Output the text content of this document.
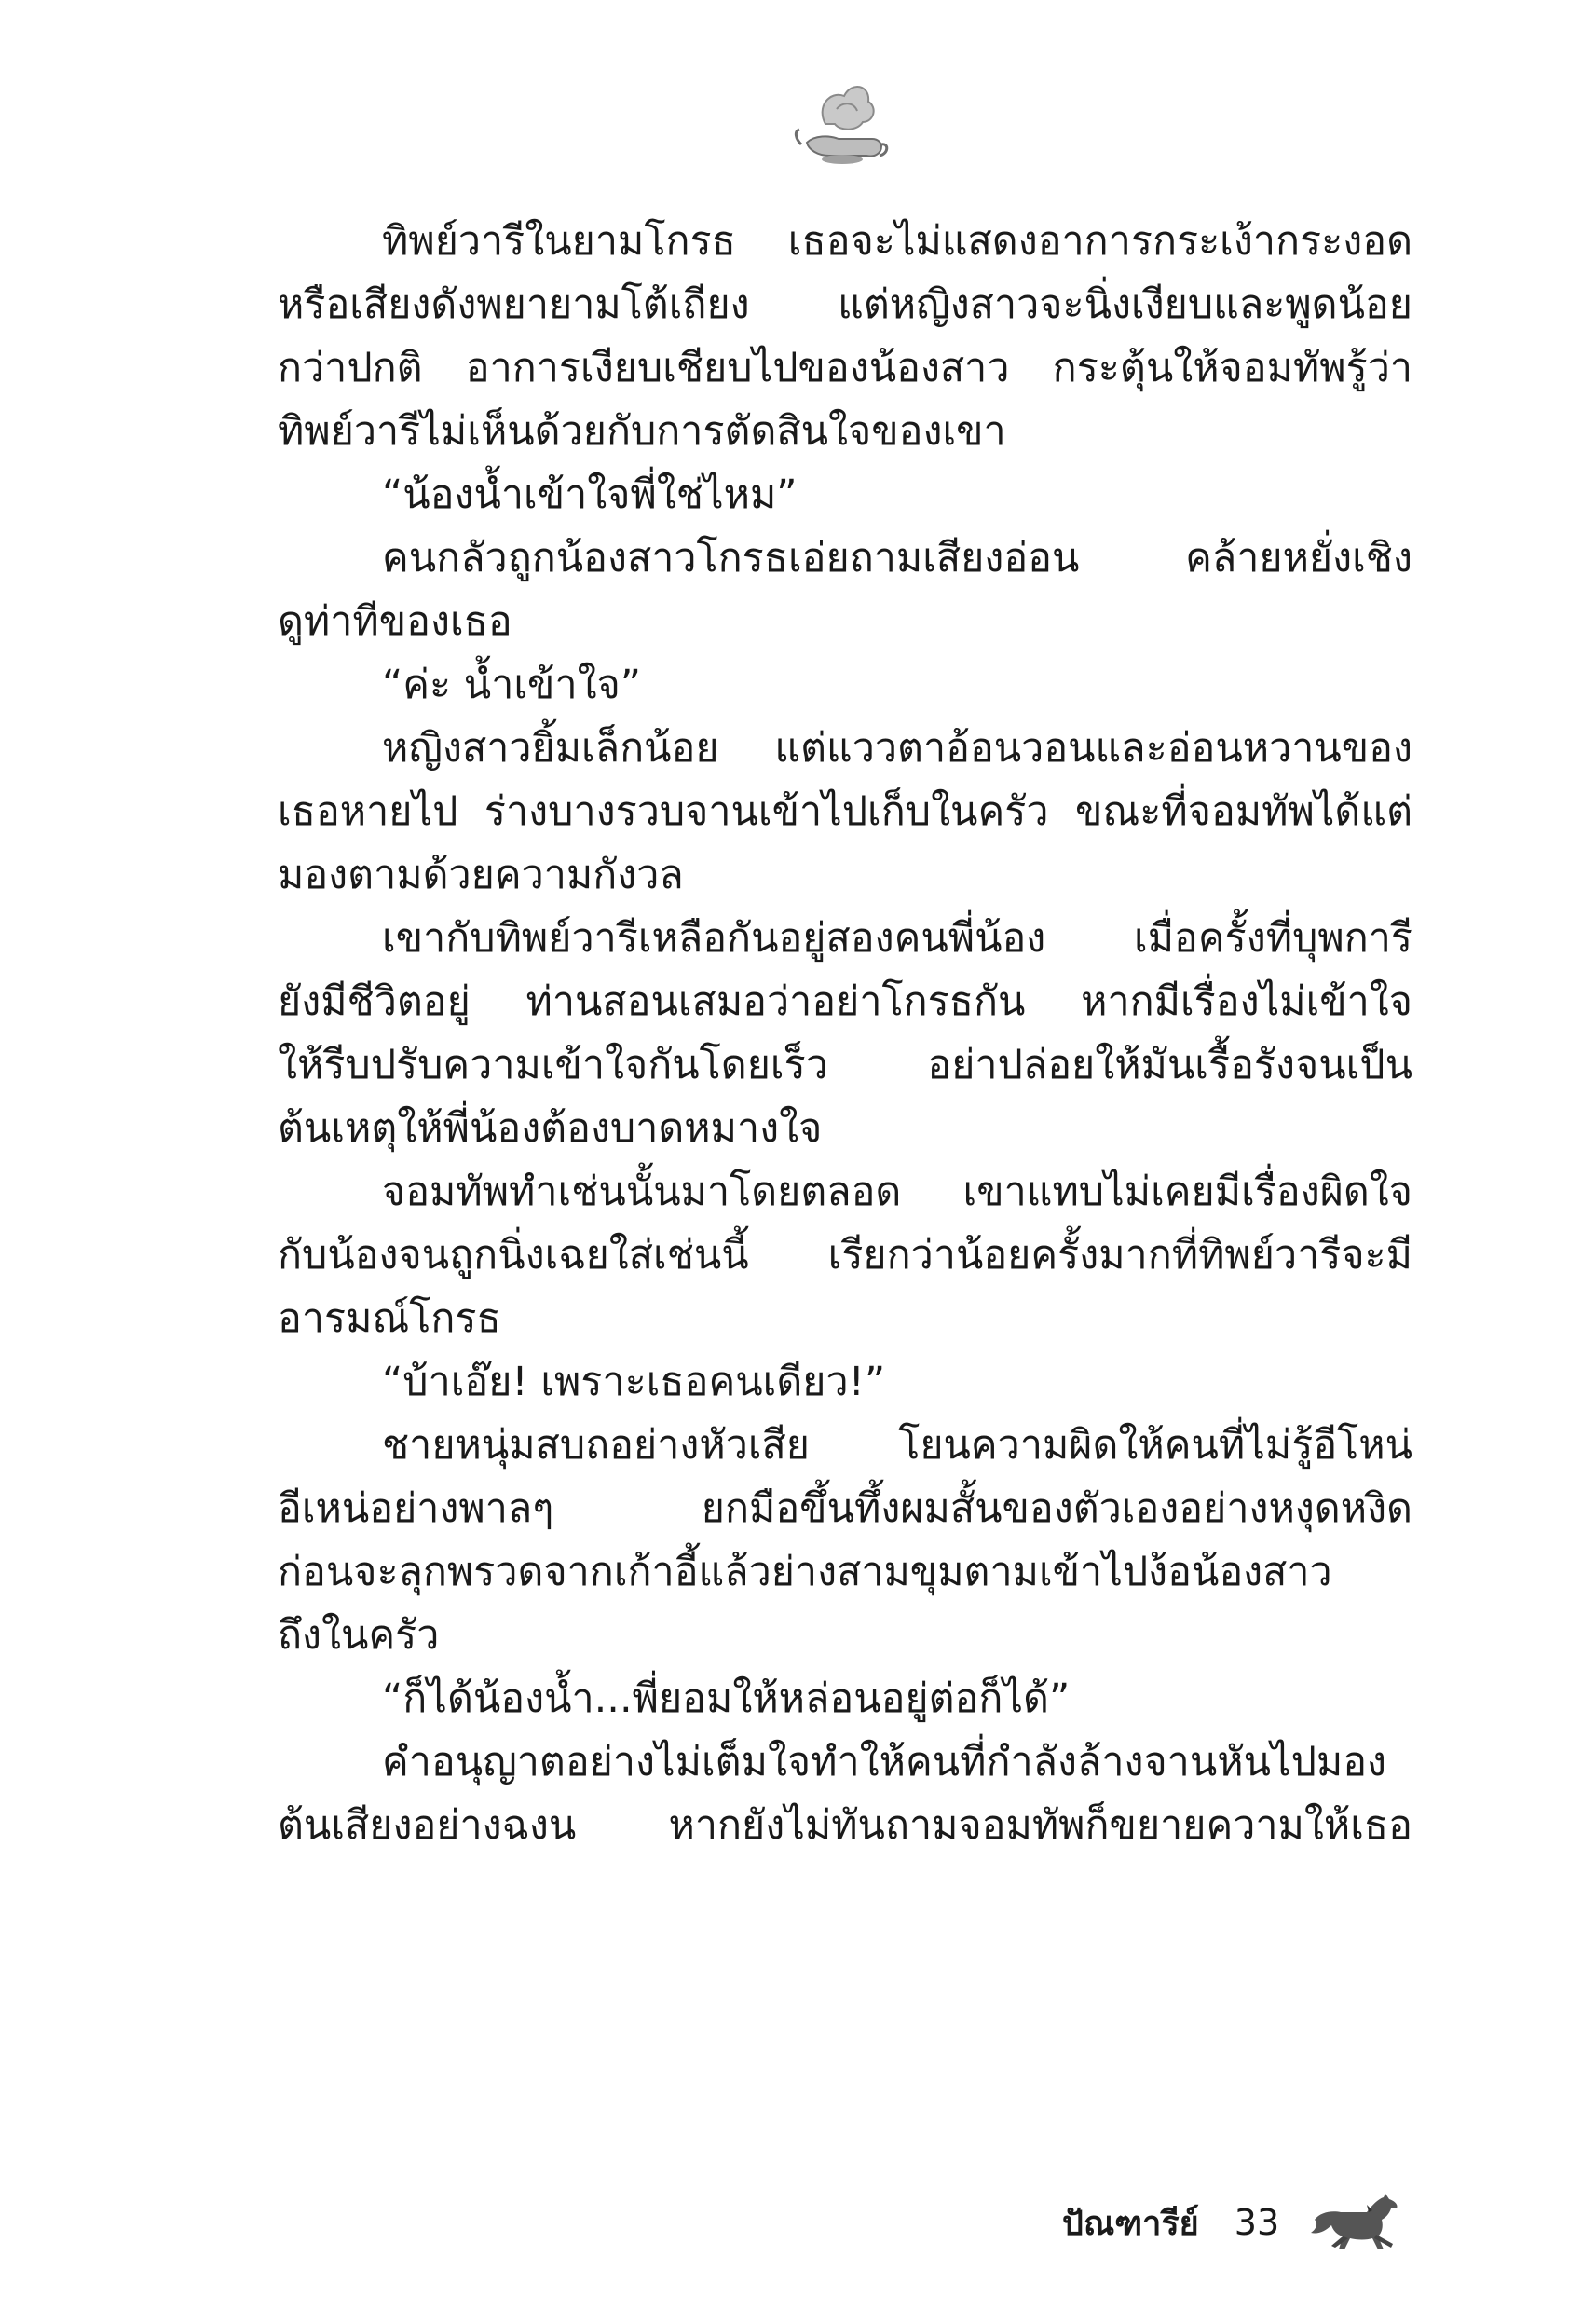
ทิพย์วารีในยามโกรธ เธอจะไม่แสดงอาการกระเง้ากระงอด
หรือเสียงดังพยายามโต้เถียง แต่หญิงสาวจะนิ่งเงียบและพูดน้อย
กว่าปกติ อาการเงียบเชียบไปของน้องสาว กระตุ้นให้จอมทัพรู้ว่า
ทิพย์วารีไม่เห็นด้วยกับการตัดสินใจของเขา
“น้องน้ำเข้าใจพี่ใช่ไหม”
คนกลัวถูกน้องสาวโกรธเอ่ยถามเสียงอ่อน คล้ายหยั่งเชิง
ดูท่าทีของเธอ
“ค่ะ น้ำเข้าใจ”
หญิงสาวยิ้มเล็กน้อย แต่แววตาอ้อนวอนและอ่อนหวานของ
เธอหายไป ร่างบางรวบจานเข้าไปเก็บในครัว ขณะที่จอมทัพได้แต่
มองตามด้วยความกังวล
เขากับทิพย์วารีเหลือกันอยู่สองคนพี่น้อง เมื่อครั้งที่บุพการี
ยังมีชีวิตอยู่ ท่านสอนเสมอว่าอย่าโกรธกัน หากมีเรื่องไม่เข้าใจ
ให้รีบปรับความเข้าใจกันโดยเร็ว อย่าปล่อยให้มันเรื้อรังจนเป็น
ต้นเหตุให้พี่น้องต้องบาดหมางใจ
จอมทัพทำเช่นนั้นมาโดยตลอด เขาแทบไม่เคยมีเรื่องผิดใจ
กับน้องจนถูกนิ่งเฉยใส่เช่นนี้ เรียกว่าน้อยครั้งมากที่ทิพย์วารีจะมี
อารมณ์โกรธ
“บ้าเอ๊ย! เพราะเธอคนเดียว!”
ชายหนุ่มสบถอย่างหัวเสีย โยนความผิดให้คนที่ไม่รู้อีโหน่
อีเหน่อย่างพาลๆ ยกมือขึ้นทึ้งผมสั้นของตัวเองอย่างหงุดหงิด
ก่อนจะลุกพรวดจากเก้าอี้แล้วย่างสามขุมตามเข้าไปง้อน้องสาว
ถึงในครัว
“ก็ได้น้องน้ำ...พี่ยอมให้หล่อนอยู่ต่อก็ได้”
คำอนุญาตอย่างไม่เต็มใจทำให้คนที่กำลังล้างจานหันไปมอง
ต้นเสียงอย่างฉงน หากยังไม่ทันถามจอมทัพก็ขยายความให้เธอ
ปัณฑารีย์ 33
